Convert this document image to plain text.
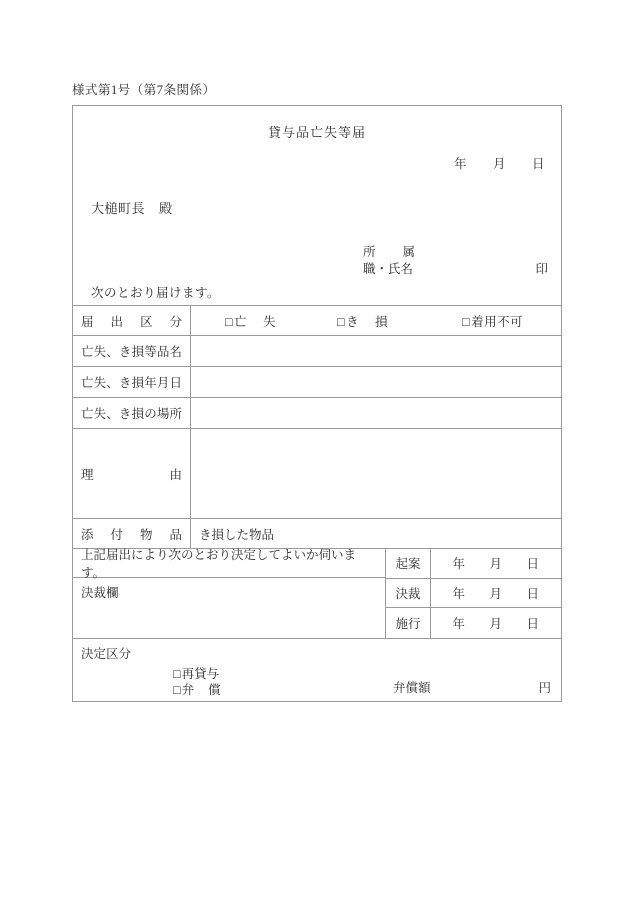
様式第1号（第7条関係）
貸与品亡失等届
年 月 日
大槌町長 殿
所属
職・氏名	印
次のとおり届けます。
届出区分	□亡 失	□き 損	□着用不可
亡失、き損等品名
亡失、き損年月日
亡失、き損の場所
理由
添付物品	き損した物品
上記届出により次のとおり決定してよいか伺います。
決裁欄
起案	年 月 日
決裁	年 月 日
施行	年 月 日
決定区分
□再貸与
□弁 償	弁償額	円
